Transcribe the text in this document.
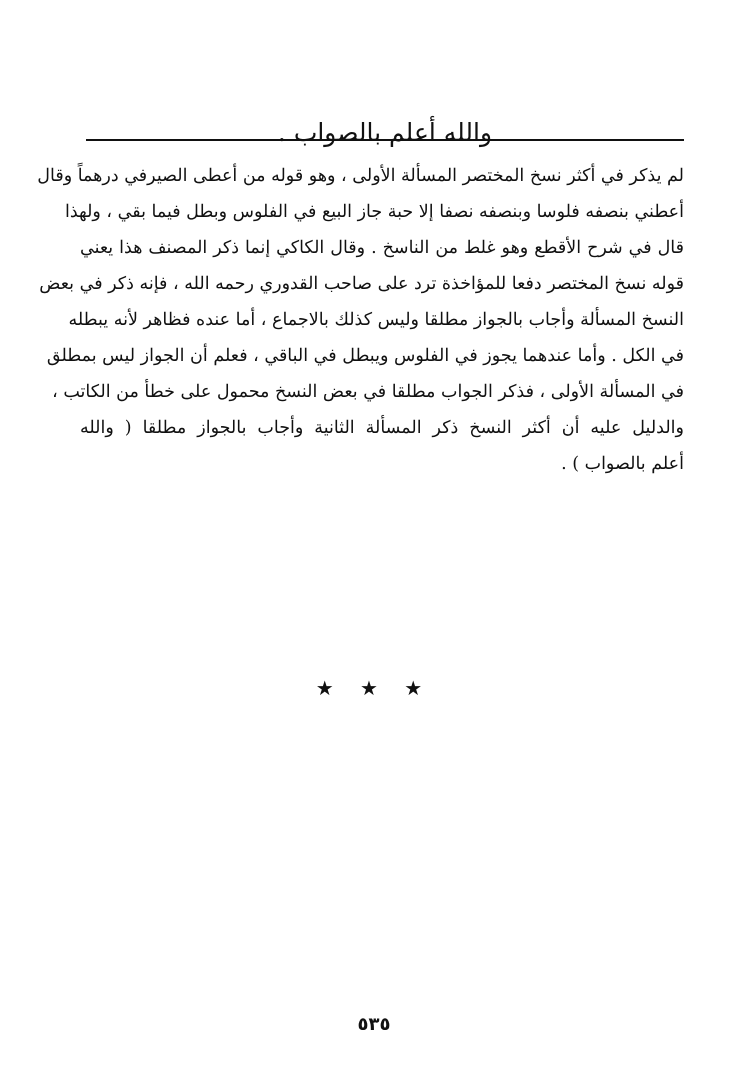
والله أعلم بالصواب .
لم يذكر في أكثر نسخ المختصر المسألة الأولى ، وهو قوله من أعطى الصيرفي درهماً وقال
أعطني بنصفه فلوسا وبنصفه نصفا إلا حبة جاز البيع في الفلوس وبطل فيما بقي ، ولهذا
قال في شرح الأقطع وهو غلط من الناسخ . وقال الكاكي إنما ذكر المصنف هذا يعني
قوله نسخ المختصر دفعا للمؤاخذة ترد على صاحب القدوري رحمه الله ، فإنه ذكر في بعض
النسخ المسألة وأجاب بالجواز مطلقا وليس كذلك بالاجماع ، أما عنده فظاهر لأنه يبطله
في الكل . وأما عندهما يجوز في الفلوس ويبطل في الباقي ، فعلم أن الجواز ليس بمطلق
في المسألة الأولى ، فذكر الجواب مطلقا في بعض النسخ محمول على خطأ من الكاتب ،
والدليل عليه أن أكثر النسخ ذكر المسألة الثانية وأجاب بالجواز مطلقا ( والله
أعلم بالصواب ) .
★ ★ ★
٥٣٥
